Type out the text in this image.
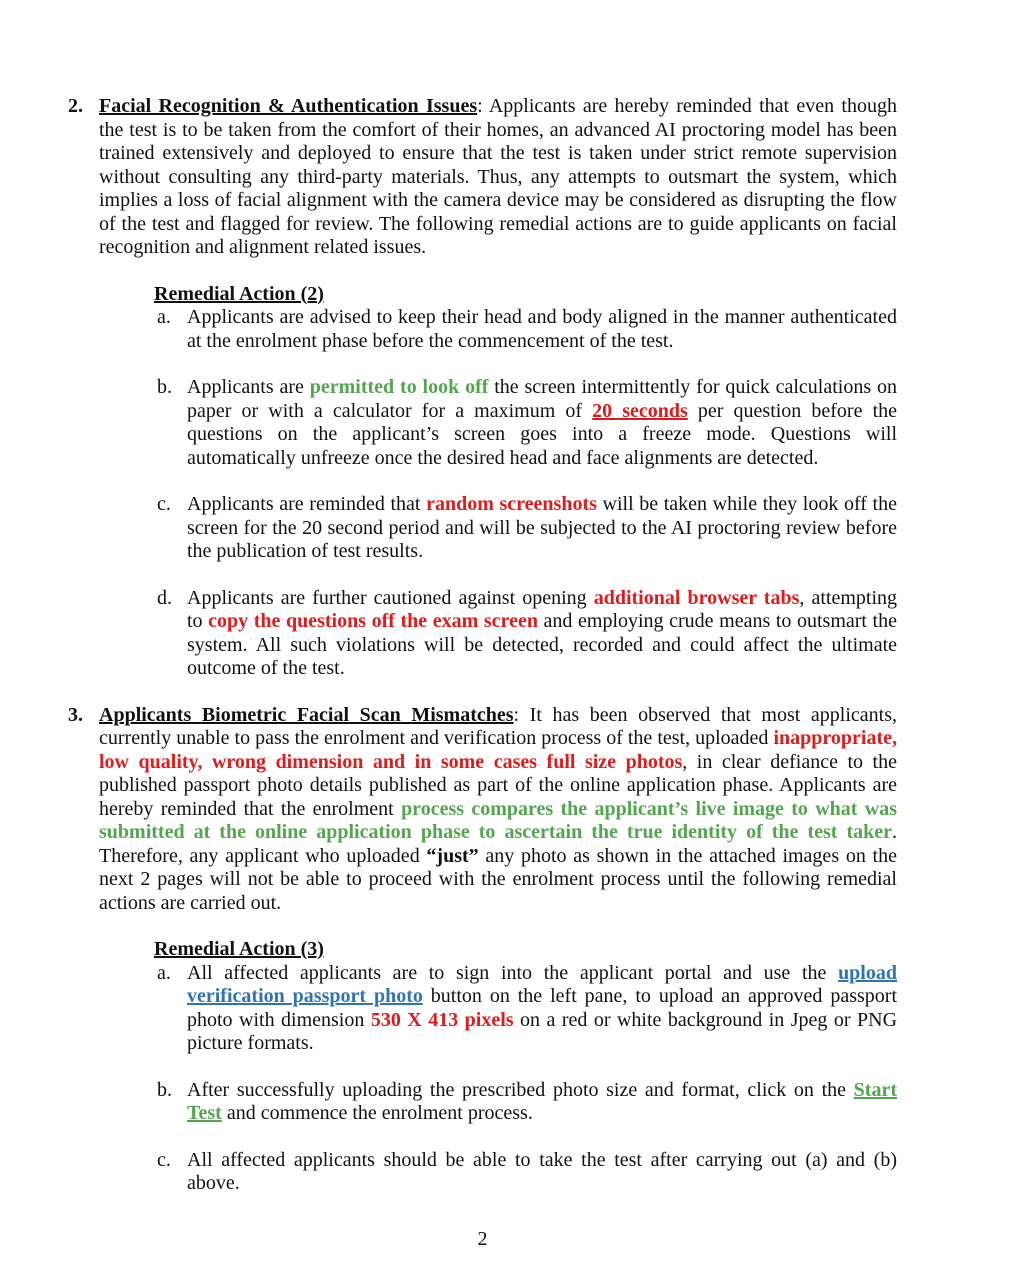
2. Facial Recognition & Authentication Issues: Applicants are hereby reminded that even though the test is to be taken from the comfort of their homes, an advanced AI proctoring model has been trained extensively and deployed to ensure that the test is taken under strict remote supervision without consulting any third-party materials. Thus, any attempts to outsmart the system, which implies a loss of facial alignment with the camera device may be considered as disrupting the flow of the test and flagged for review. The following remedial actions are to guide applicants on facial recognition and alignment related issues.

Remedial Action (2)
a. Applicants are advised to keep their head and body aligned in the manner authenticated at the enrolment phase before the commencement of the test.

b. Applicants are permitted to look off the screen intermittently for quick calculations on paper or with a calculator for a maximum of 20 seconds per question before the questions on the applicant’s screen goes into a freeze mode. Questions will automatically unfreeze once the desired head and face alignments are detected.

c. Applicants are reminded that random screenshots will be taken while they look off the screen for the 20 second period and will be subjected to the AI proctoring review before the publication of test results.

d. Applicants are further cautioned against opening additional browser tabs, attempting to copy the questions off the exam screen and employing crude means to outsmart the system. All such violations will be detected, recorded and could affect the ultimate outcome of the test.

3. Applicants Biometric Facial Scan Mismatches: It has been observed that most applicants, currently unable to pass the enrolment and verification process of the test, uploaded inappropriate, low quality, wrong dimension and in some cases full size photos, in clear defiance to the published passport photo details published as part of the online application phase. Applicants are hereby reminded that the enrolment process compares the applicant’s live image to what was submitted at the online application phase to ascertain the true identity of the test taker. Therefore, any applicant who uploaded “just” any photo as shown in the attached images on the next 2 pages will not be able to proceed with the enrolment process until the following remedial actions are carried out.

Remedial Action (3)
a. All affected applicants are to sign into the applicant portal and use the upload verification passport photo button on the left pane, to upload an approved passport photo with dimension 530 X 413 pixels on a red or white background in Jpeg or PNG picture formats.

b. After successfully uploading the prescribed photo size and format, click on the Start Test and commence the enrolment process.

c. All affected applicants should be able to take the test after carrying out (a) and (b) above.

2
